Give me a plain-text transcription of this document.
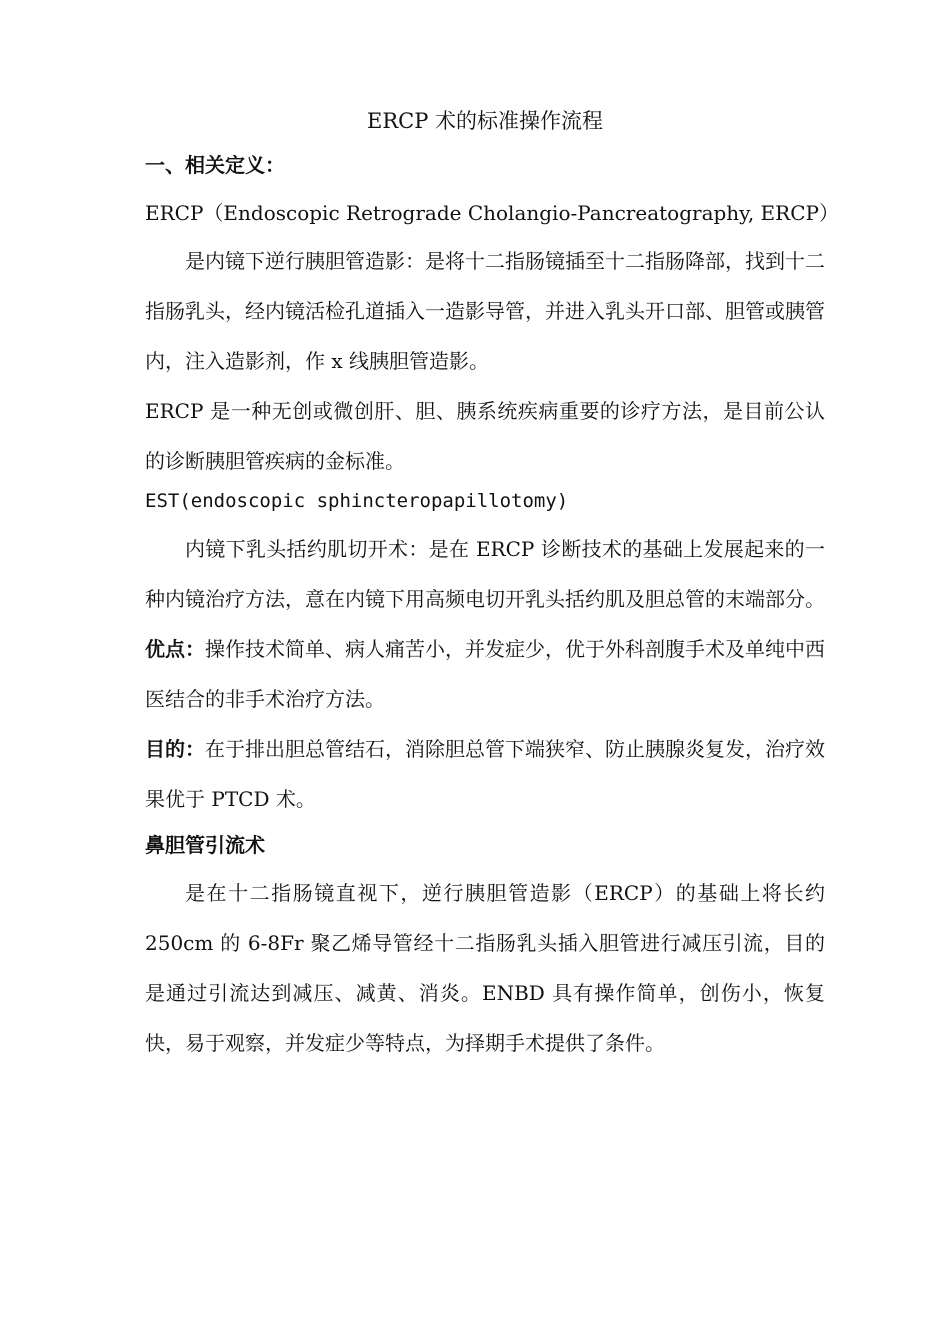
ERCP 术的标准操作流程
一、相关定义：
ERCP（Endoscopic Retrograde Cholangio-Pancreatography, ERCP）

是内镜下逆行胰胆管造影：是将十二指肠镜插至十二指肠降部，找到十二指肠乳头，经内镜活检孔道插入一造影导管，并进入乳头开口部、胆管或胰管内，注入造影剂，作 x 线胰胆管造影。

ERCP 是一种无创或微创肝、胆、胰系统疾病重要的诊疗方法，是目前公认的诊断胰胆管疾病的金标准。

EST(endoscopic sphincteropapillotomy)

内镜下乳头括约肌切开术：是在 ERCP 诊断技术的基础上发展起来的一种内镜治疗方法，意在内镜下用高频电切开乳头括约肌及胆总管的末端部分。

优点：操作技术简单、病人痛苦小，并发症少，优于外科剖腹手术及单纯中西医结合的非手术治疗方法。

目的：在于排出胆总管结石，消除胆总管下端狭窄、防止胰腺炎复发，治疗效果优于 PTCD 术。

鼻胆管引流术

是在十二指肠镜直视下，逆行胰胆管造影（ERCP）的基础上将长约 250cm 的 6-8Fr 聚乙烯导管经十二指肠乳头插入胆管进行减压引流，目的是通过引流达到减压、减黄、消炎。ENBD 具有操作简单，创伤小，恢复快，易于观察，并发症少等特点，为择期手术提供了条件。
